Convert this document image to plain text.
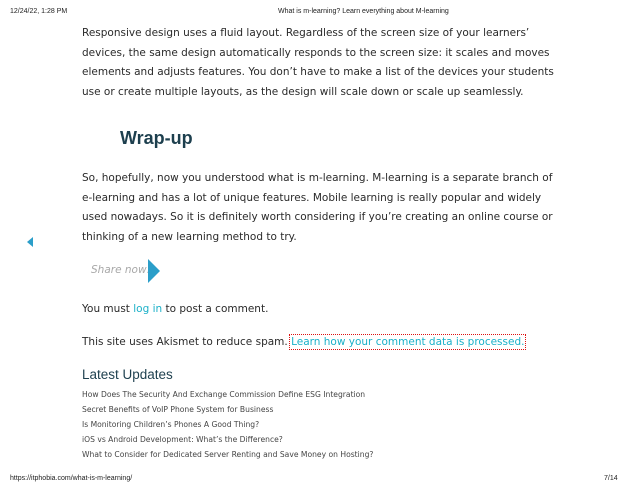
12/24/22, 1:28 PM	What is m-learning? Learn everything about M-learning

Responsive design uses a fluid layout. Regardless of the screen size of your learners’ devices, the same design automatically responds to the screen size: it scales and moves elements and adjusts features. You don’t have to make a list of the devices your students use or create multiple layouts, as the design will scale down or scale up seamlessly.

Wrap-up

So, hopefully, now you understood what is m-learning. M-learning is a separate branch of e-learning and has a lot of unique features. Mobile learning is really popular and widely used nowadays. So it is definitely worth considering if you’re creating an online course or thinking of a new learning method to try.

Share now!
You must log in to post a comment.
This site uses Akismet to reduce spam. Learn how your comment data is processed.
Latest Updates
How Does The Security And Exchange Commission Define ESG Integration
Secret Benefits of VoIP Phone System for Business
Is Monitoring Children’s Phones A Good Thing?
iOS vs Android Development: What’s the Difference?
What to Consider for Dedicated Server Renting and Save Money on Hosting?
https://itphobia.com/what-is-m-learning/	7/14
